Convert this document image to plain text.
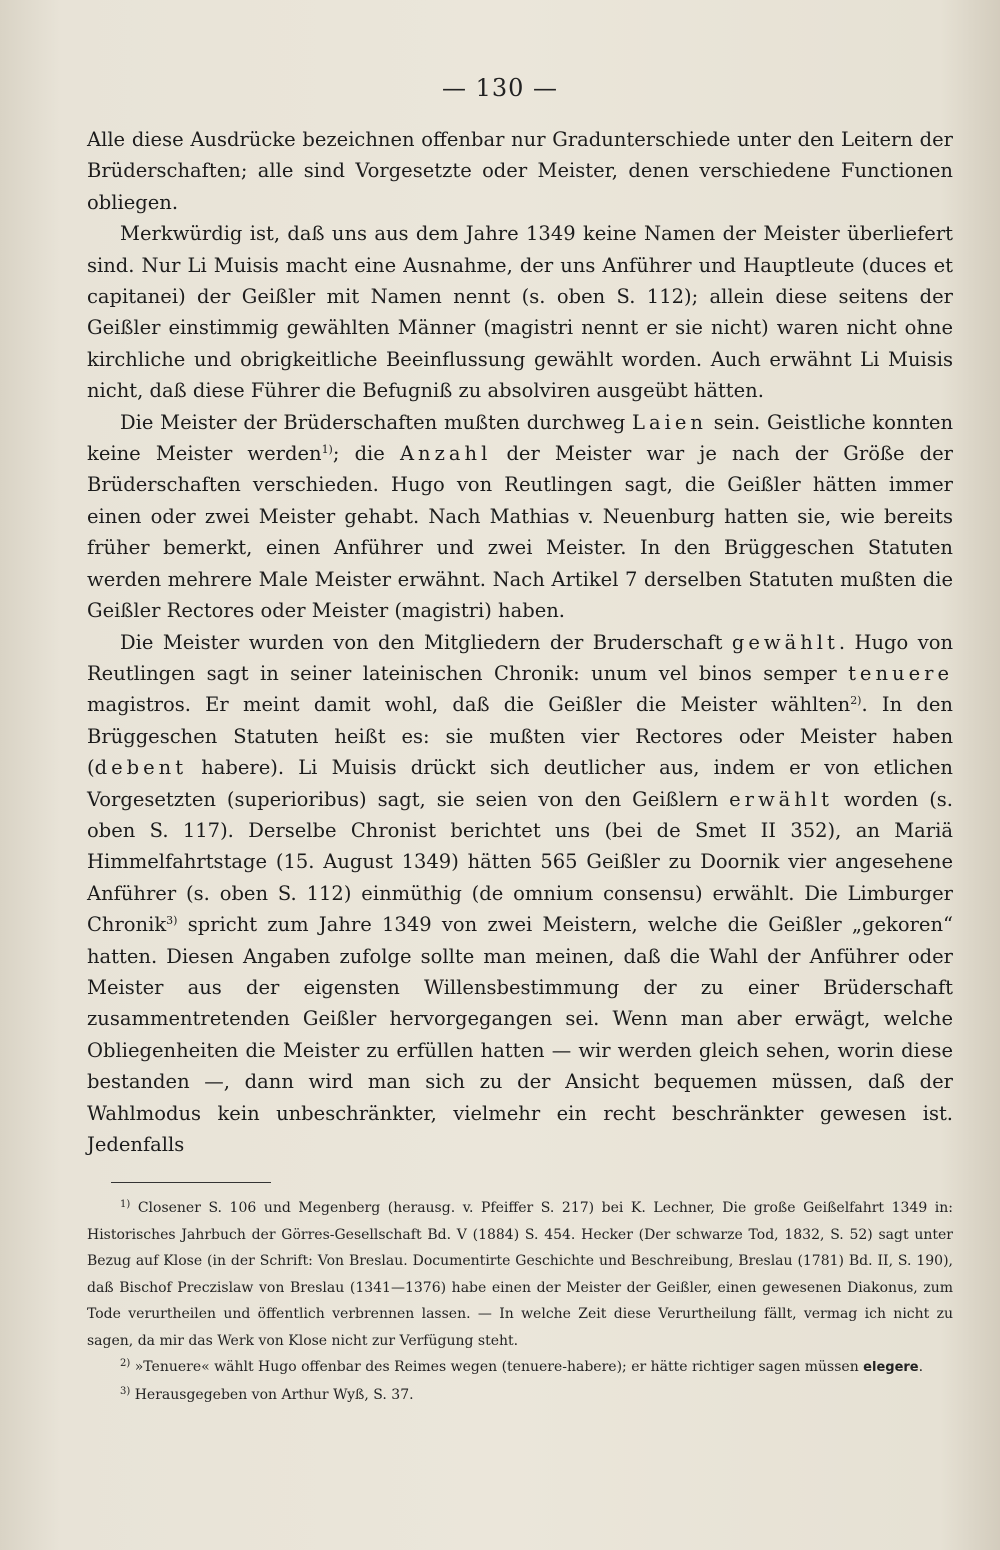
— 130 —

Alle diese Ausdrücke bezeichnen offenbar nur Gradunterschiede unter den Leitern der Brüderschaften; alle sind Vorgesetzte oder Meister, denen verschiedene Functionen obliegen.

Merkwürdig ist, daß uns aus dem Jahre 1349 keine Namen der Meister überliefert sind. Nur Li Muisis macht eine Ausnahme, der uns Anführer und Hauptleute (duces et capitanei) der Geißler mit Namen nennt (s. oben S. 112); allein diese seitens der Geißler einstimmig gewählten Männer (magistri nennt er sie nicht) waren nicht ohne kirchliche und obrigkeitliche Beeinflussung gewählt worden. Auch erwähnt Li Muisis nicht, daß diese Führer die Befugniß zu absolviren ausgeübt hätten.

Die Meister der Brüderschaften mußten durchweg Laien sein. Geistliche konnten keine Meister werden$^{1)}$; die Anzahl der Meister war je nach der Größe der Brüderschaften verschieden. Hugo von Reutlingen sagt, die Geißler hätten immer einen oder zwei Meister gehabt. Nach Mathias v. Neuenburg hatten sie, wie bereits früher bemerkt, einen Anführer und zwei Meister. In den Brüggeschen Statuten werden mehrere Male Meister erwähnt. Nach Artikel 7 derselben Statuten mußten die Geißler Rectores oder Meister (magistri) haben.

Die Meister wurden von den Mitgliedern der Bruderschaft gewählt. Hugo von Reutlingen sagt in seiner lateinischen Chronik: unum vel binos semper tenuere magistros. Er meint damit wohl, daß die Geißler die Meister wählten$^{2)}$. In den Brüggeschen Statuten heißt es: sie mußten vier Rectores oder Meister haben (debent habere). Li Muisis drückt sich deutlicher aus, indem er von etlichen Vorgesetzten (superioribus) sagt, sie seien von den Geißlern erwählt worden (s. oben S. 117). Derselbe Chronist berichtet uns (bei de Smet II 352), an Mariä Himmelfahrtstage (15. August 1349) hätten 565 Geißler zu Doornik vier angesehene Anführer (s. oben S. 112) einmüthig (de omnium consensu) erwählt. Die Limburger Chronik$^{3)}$ spricht zum Jahre 1349 von zwei Meistern, welche die Geißler „gekoren“ hatten. Diesen Angaben zufolge sollte man meinen, daß die Wahl der Anführer oder Meister aus der eigensten Willensbestimmung der zu einer Brüderschaft zusammentretenden Geißler hervorgegangen sei. Wenn man aber erwägt, welche Obliegenheiten die Meister zu erfüllen hatten — wir werden gleich sehen, worin diese bestanden —, dann wird man sich zu der Ansicht bequemen müssen, daß der Wahlmodus kein unbeschränkter, vielmehr ein recht beschränkter gewesen ist. Jedenfalls

$^{1)}$ Closener S. 106 und Megenberg (herausg. v. Pfeiffer S. 217) bei K. Lechner, Die große Geißelfahrt 1349 in: Historisches Jahrbuch der Görres-Gesellschaft Bd. V (1884) S. 454. Hecker (Der schwarze Tod, 1832, S. 52) sagt unter Bezug auf Klose (in der Schrift: Von Breslau. Documentirte Geschichte und Beschreibung, Breslau (1781) Bd. II, S. 190), daß Bischof Preczislaw von Breslau (1341—1376) habe einen der Meister der Geißler, einen gewesenen Diakonus, zum Tode verurtheilen und öffentlich verbrennen lassen. — In welche Zeit diese Verurtheilung fällt, vermag ich nicht zu sagen, da mir das Werk von Klose nicht zur Verfügung steht.

$^{2)}$ »Tenuere« wählt Hugo offenbar des Reimes wegen (tenuere-habere); er hätte richtiger sagen müssen elegere.

$^{3)}$ Herausgegeben von Arthur Wyß, S. 37.
